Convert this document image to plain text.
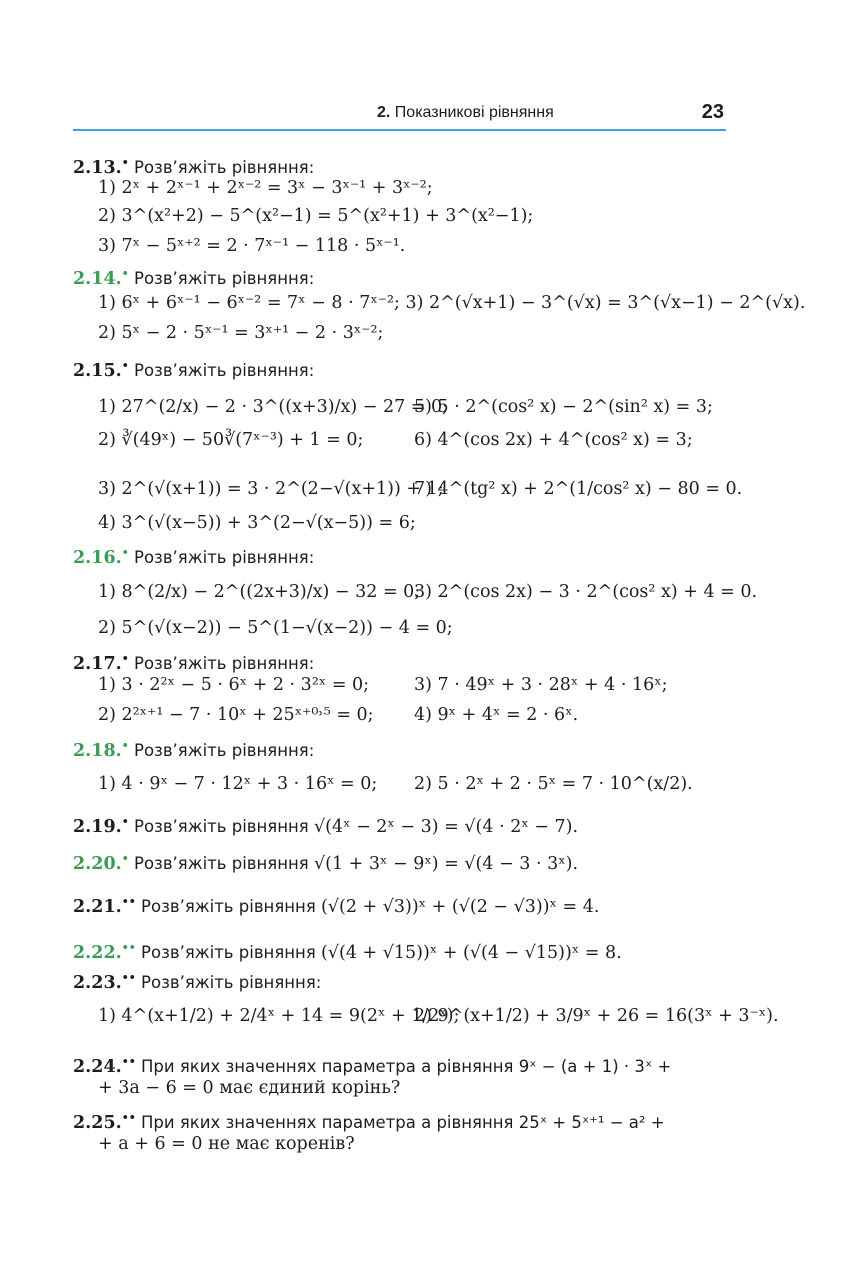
2. Показникові рівняння	23
2.13.• Розв’яжіть рівняння:
1) 2ˣ + 2ˣ⁻¹ + 2ˣ⁻² = 3ˣ − 3ˣ⁻¹ + 3ˣ⁻²;
2) 3^(x²+2) − 5^(x²−1) = 5^(x²+1) + 3^(x²−1);
3) 7ˣ − 5ˣ⁺² = 2 · 7ˣ⁻¹ − 118 · 5ˣ⁻¹.
2.14.• Розв’яжіть рівняння:
1) 6ˣ + 6ˣ⁻¹ − 6ˣ⁻² = 7ˣ − 8 · 7ˣ⁻²; 3) 2^(√x+1) − 3^(√x) = 3^(√x−1) − 2^(√x).
2) 5ˣ − 2 · 5ˣ⁻¹ = 3ˣ⁺¹ − 2 · 3ˣ⁻²;
2.15.• Розв’яжіть рівняння:
1) 27^(2/x) − 2 · 3^((x+3)/x) − 27 = 0;
5) 5 · 2^(cos² x) − 2^(sin² x) = 3;
2) ∛(49ˣ) − 50∛(7ˣ⁻³) + 1 = 0;	6) 4^(cos 2x) + 4^(cos² x) = 3;
3) 2^(√(x+1)) = 3 · 2^(2−√(x+1)) + 1;
7) 4^(tg² x) + 2^(1/cos² x) − 80 = 0.
4) 3^(√(x−5)) + 3^(2−√(x−5)) = 6;
2.16.• Розв’яжіть рівняння:
1) 8^(2/x) − 2^((2x+3)/x) − 32 = 0;
3) 2^(cos 2x) − 3 · 2^(cos² x) + 4 = 0.
2) 5^(√(x−2)) − 5^(1−√(x−2)) − 4 = 0;
2.17.• Розв’яжіть рівняння:
1) 3 · 2²ˣ − 5 · 6ˣ + 2 · 3²ˣ = 0;	3) 7 · 49ˣ + 3 · 28ˣ + 4 · 16ˣ;
2) 2²ˣ⁺¹ − 7 · 10ˣ + 25ˣ⁺⁰˒⁵ = 0; 4) 9ˣ + 4ˣ = 2 · 6ˣ.
2.18.• Розв’яжіть рівняння:
1) 4 · 9ˣ − 7 · 12ˣ + 3 · 16ˣ = 0; 2) 5 · 2ˣ + 2 · 5ˣ = 7 · 10^(x/2).
2.19.• Розв’яжіть рівняння √(4ˣ − 2ˣ − 3) = √(4 · 2ˣ − 7).
2.20.• Розв’яжіть рівняння √(1 + 3ˣ − 9ˣ) = √(4 − 3 · 3ˣ).
2.21.•• Розв’яжіть рівняння (√(2 + √3))ˣ + (√(2 − √3))ˣ = 4.
2.22.•• Розв’яжіть рівняння (√(4 + √15))ˣ + (√(4 − √15))ˣ = 8.
2.23.•• Розв’яжіть рівняння:
1) 4^(x+1/2) + 2/4ˣ + 14 = 9(2ˣ + 1/2ˣ);
2) 9^(x+1/2) + 3/9ˣ + 26 = 16(3ˣ + 3⁻ˣ).
2.24.•• При яких значеннях параметра a рівняння 9ˣ − (a + 1) · 3ˣ +
+ 3a − 6 = 0 має єдиний корінь?
2.25.•• При яких значеннях параметра a рівняння 25ˣ + 5ˣ⁺¹ − a² +
+ a + 6 = 0 не має коренів?
